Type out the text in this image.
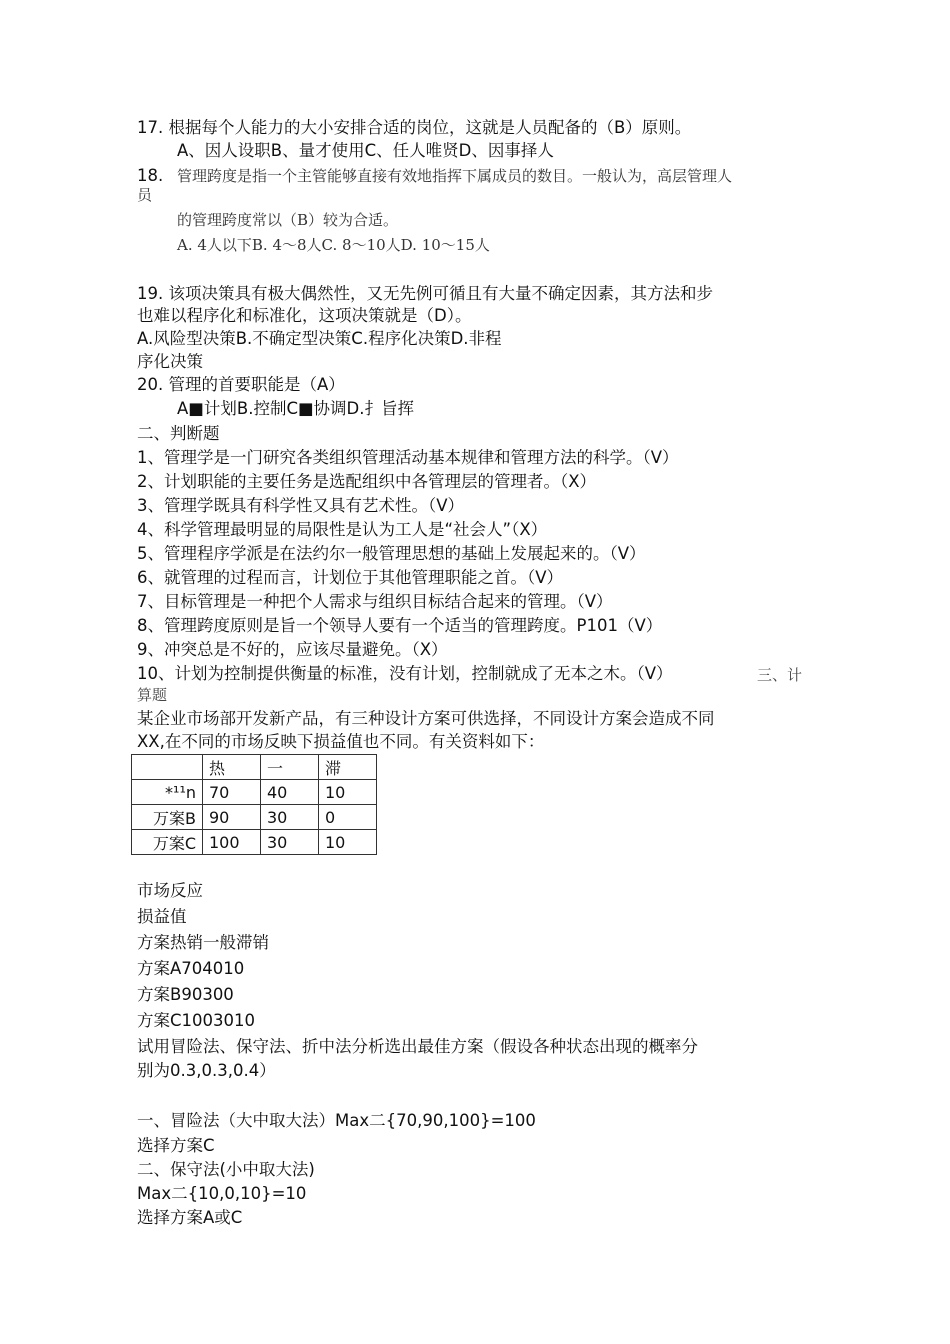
17. 根据每个人能力的大小安排合适的岗位，这就是人员配备的（B）原则。
A、因人设职B、量才使用C、任人唯贤D、因事择人
18. 管理跨度是指一个主管能够直接有效地指挥下属成员的数目。一般认为，高层管理人
员
的管理跨度常以（B）较为合适。
A. 4人以下B. 4～8人C. 8～10人D. 10～15人
19. 该项决策具有极大偶然性，又无先例可循且有大量不确定因素，其方法和步
也难以程序化和标准化，这项决策就是（D）。
A.风险型决策B.不确定型决策C.程序化决策D.非程
序化决策
20. 管理的首要职能是（A）
A■计划B.控制C■协调D.扌旨挥
二、判断题
1、管理学是一门研究各类组织管理活动基本规律和管理方法的科学。（V）
2、计划职能的主要任务是选配组织中各管理层的管理者。（X）
3、管理学既具有科学性又具有艺术性。（V）
4、科学管理最明显的局限性是认为工人是“社会人”（X）
5、管理程序学派是在法约尔一般管理思想的基础上发展起来的。（V）
6、就管理的过程而言，计划位于其他管理职能之首。（V）
7、目标管理是一种把个人需求与组织目标结合起来的管理。（V）
8、管理跨度原则是旨一个领导人要有一个适当的管理跨度。P101（V）
9、冲突总是不好的，应该尽量避免。（X）
10、计划为控制提供衡量的标准，没有计划，控制就成了无本之木。（V）	三、计
算题
某企业市场部开发新产品，有三种设计方案可供选择，不同设计方案会造成不同
XX,在不同的市场反映下损益值也不同。有关资料如下：
	热	一	滞
*¹¹n	70	40	10
万案B	90	30	0
万案C	100	30	10
市场反应
损益值
方案热销一般滞销
方案A704010
方案B90300
方案C1003010
试用冒险法、保守法、折中法分析选出最佳方案（假设各种状态出现的概率分
别为0.3,0.3,0.4）
一、冒险法（大中取大法）Max二{70,90,100}=100
选择方案C
二、保守法(小中取大法)
Max二{10,0,10}=10
选择方案A或C
